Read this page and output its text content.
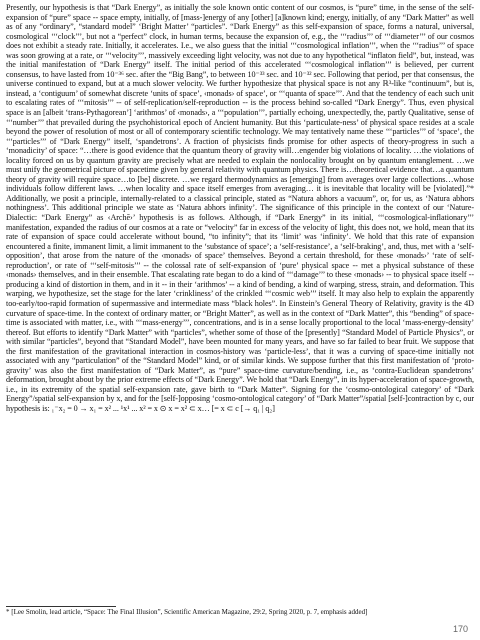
Presently, our hypothesis is that “Dark Energy”, as initially the sole known ontic content of our cosmos, is “pure” time, in the sense of the self-expansion of “pure” space -- space empty, initially, of [mass-]energy of any [other] [a]known kind; energy, initially, of any “Dark Matter” as well as of any “ordinary”, “standard model” ‘Bright Matter’ “particles”. “Dark Energy” as this self-expansion of space, forms a natural, universal, cosmological ‘‘‘clock’’’, but not a “perfect” clock, in human terms, because the expansion of, e.g., the ‘‘‘radius’’’ of ‘‘‘diameter’’’ of our cosmos does not exhibit a steady rate. Initially, it accelerates. I.e., we also guess that the initial ‘‘‘cosmological inflation’’’, when the ‘‘‘radius’’’ of space was soon growing at a rate, or ‘‘‘velocity’’’, massively exceeding light velocity, was not due to any hypothetical “inflaton field”, but, instead, was the initial manifestation of “Dark Energy” itself. The initial period of this accelerated ‘‘‘cosmological inflation’’’ is believed, per current consensus, to have lasted from 10⁻³⁶ sec. after the “Big Bang”, to between 10⁻³³ sec. and 10⁻³² sec. Following that period, per that consensus, the universe continued to expand, but at a much slower velocity. We further hypothesize that physical space is not any ℝ³-like “continuum”, but is, instead, a ‘contiguum’ of somewhat discrete ‘units of space’, ‹monads› of space’, or ‘‘‘quanta of space’’’. And that the tendency of each such unit to escalating rates of ‘‘‘mitosis’’’ -- of self-replication/self-reproduction -- is the process behind so-called “Dark Energy”. Thus, even physical space is an [albeit ‘trans-Pythagorean’] ‘arithmos’ of ‹monads›, a ‘‘‘population’’’, partially echoing, unexpectedly, the, partly Qualitative, sense of ‘‘‘number’’’ that prevailed during the psychohistorical epoch of Ancient humanity. But this ‘particulate-ness’ of physical space resides at a scale beyond the power of resolution of most or all of contemporary scientific technology. We may tentatively name these ‘‘‘particles’’’ of ‘space’, the ‘‘‘particles’’’ of “Dark Energy” itself, ‘spandetrons’. A fraction of physicists finds promise for other aspects of theory-progress in such a ‘monadicity’ of space: “…there is good evidence that the quantum theory of gravity will…engender big violations of locality. …the violations of locality forced on us by quantum gravity are precisely what are needed to explain the nonlocality brought on by quantum entanglement. …we must unify the geometrical picture of spacetime given by general relativity with quantum physics. There is…theoretical evidence that…a quantum theory of gravity will require space…to [be] discrete. …we regard thermodynamics as [emerging] from averages over large collections…whose individuals follow different laws. …when locality and space itself emerges from averaging… it is inevitable that locality will be [violated].”* Additionally, we posit a principle, internally-related to a classical principle, stated as “Natura abhors a vacuum”, or, for us, as ‘Natura abhors nothingness’. This additional principle we state as ‘Natura abhors infinity’. The significance of this principle in the context of our ‘Nature-Dialectic: “Dark Energy” as ‹Archē›’ hypothesis is as follows. Although, if “Dark Energy” in its initial, ‘‘‘cosmological-inflationary’’’ manifestation, expanded the radius of our cosmos at a rate or “velocity” far in excess of the velocity of light, this does not, we hold, mean that its rate of expansion of space could accelerate without bound, “to infinity”; that its ‘limit’ was ‘infinity’. We hold that this rate of expansion encountered a finite, immanent limit, a limit immanent to the ‘substance of space’; a ‘self-resistance’, a ‘self-braking’, and, thus, met with a ‘self-opposition’, that arose from the nature of the ‹monads› of space’ themselves. Beyond a certain threshold, for these ‹monads›’ ‘rate of self-reproduction’, or rate of ‘‘‘self-mitosis’’’ -- the colossal rate of self-expansion of ‘pure’ physical space -- met a physical substance of these ‹monads› themselves, and in their ensemble. That escalating rate began to do a kind of ‘‘‘damage’’’ to these ‹monads› -- to physical space itself -- producing a kind of distortion in them, and in it -- in their ‘arithmos’ -- a kind of bending, a kind of warping, stress, strain, and deformation. This warping, we hypothesize, set the stage for the later ‘crinkliness’ of the crinkled ‘‘‘cosmic web’’’ itself. It may also help to explain the apparently too-early/too-rapid formation of supermassive and intermediate mass “black holes”. In Einstein’s General Theory of Relativity, gravity is the 4D curvature of space-time. In the context of ordinary matter, or “Bright Matter”, as well as in the context of “Dark Matter”, this “bending” of space-time is associated with matter, i.e., with ‘‘‘mass-energy’’’, concentrations, and is in a sense locally proportional to the local ‘mass-energy-density’ thereof. But efforts to identify “Dark Matter” with “particles”, whether some of those of the [presently] “Standard Model of Particle Physics”, or with similar “particles”, beyond that “Standard Model”, have been mounted for many years, and have so far failed to bear fruit. We suppose that the first manifestation of the gravitational interaction in cosmos-history was ‘particle-less’, that it was a curving of space-time initially not associated with any “particulation” of the “Standard Model” kind, or of similar kinds. We suppose further that this first manifestation of ‘proto-gravity’ was also the first manifestation of “Dark Matter”, as “pure” space-time curvature/bending, i.e., as ‘contra-Euclidean spandetrons’ deformation, brought about by the prior extreme effects of “Dark Energy”. We hold that “Dark Energy”, in its hyper-acceleration of space-growth, i.e., in its extremity of the spatial self-expansion rate, gave birth to “Dark Matter”. Signing for the ‘cosmo-ontological category’ of “Dark Energy”/spatial self-expansion by x, and for the [self-]opposing ‘cosmo-ontological category’ of “Dark Matter”/spatial [self-]contraction by c, our hypothesis is: ₁⁻x₂ = 0 → x₁ = x² ... ¹x¹ ... x² = x ⊙ x = x² ⊂ x… [= x ⊂ c [→ q₁ | q₂]

* [Lee Smolin, lead article, “Space: The Final Illusion”, Scientific American Magazine, 29:2, Spring 2020, p. 7, emphasis added]
170
